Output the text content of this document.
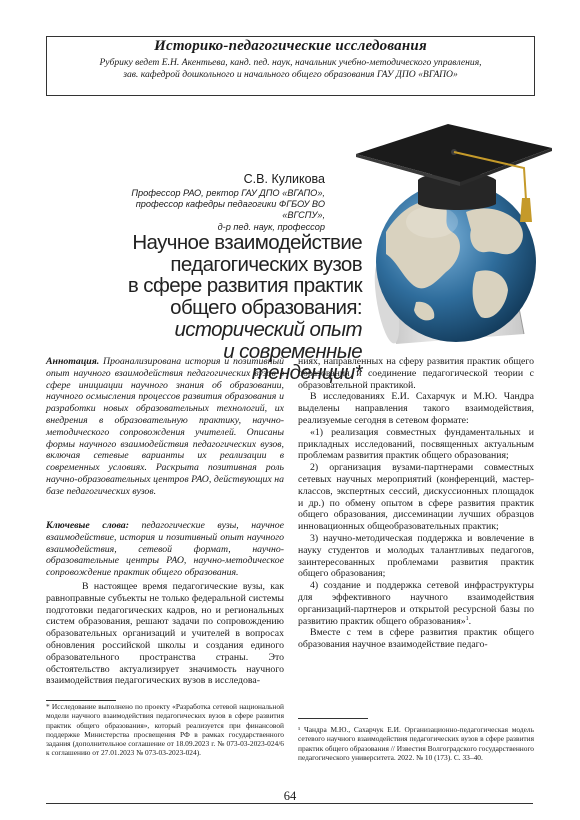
Историко-педагогические исследования
Рубрику ведет Е.Н. Акентьева, канд. пед. наук, начальник учебно-методического управления,
зав. кафедрой дошкольного и начального общего образования ГАУ ДПО «ВГАПО»
С.В. Куликова
Профессор РАО, ректор ГАУ ДПО «ВГАПО»,
профессор кафедры педагогики ФГБОУ ВО «ВГСПУ»,
д-р пед. наук, профессор
Научное взаимодействие
педагогических вузов
в сфере развития практик
общего образования:
исторический опыт
и современные тенденции*
Аннотация. Проанализирована история и позитивный опыт научного взаимодействия педагогических вузов в сфере инициации научного знания об образовании, научного осмысления процессов развития образования и разработки новых образовательных технологий, их внедрения в образовательную практику, научно-методического сопровождения учителей. Описаны формы научного взаимодействия педагогических вузов, включая сетевые варианты их реализации в современных условиях. Раскрыта позитивная роль научно-образовательных центров РАО, действующих на базе педагогических вузов.
Ключевые слова: педагогические вузы, научное взаимодействие, история и позитивный опыт научного взаимодействия, сетевой формат, научно-образовательные центры РАО, научно-методическое сопровождение практик общего образования.
В настоящее время педагогические вузы, как равноправные субъекты не только федеральной системы подготовки педагогических кадров, но и региональных систем образования, решают задачи по сопровождению образовательных организаций и учителей в вопросах обновления российской школы и создания единого образовательного пространства страны. Это обстоятельство актуализирует значимость научного взаимодействия педагогических вузов в исследова-
* Исследование выполнено по проекту «Разработка сетевой национальной модели научного взаимодействия педагогических вузов в сфере развития практик общего образования», который реализуется при финансовой поддержке Министерства просвещения РФ в рамках государственного задания (дополнительное соглашение от 18.09.2023 г. № 073-03-2023-024/6 к соглашению от 27.01.2023 № 073-03-2023-024).

ниях, направленных на сферу развития практик общего образования и соединение педагогической теории с образовательной практикой.

В исследованиях Е.И. Сахарчук и М.Ю. Чандра выделены направления такого взаимодействия, реализуемые сегодня в сетевом формате:

«1) реализация совместных фундаментальных и прикладных исследований, посвященных актуальным проблемам развития практик общего образования;

2) организация вузами-партнерами совместных сетевых научных мероприятий (конференций, мастер-классов, экспертных сессий, дискуссионных площадок и др.) по обмену опытом в сфере развития практик общего образования, диссеминации лучших образцов инновационных общеобразовательных практик;

3) научно-методическая поддержка и вовлечение в науку студентов и молодых талантливых педагогов, заинтересованных проблемами развития практик общего образования;

4) создание и поддержка сетевой инфраструктуры для эффективного научного взаимодействия организаций-партнеров и открытой ресурсной базы по развитию практик общего образования»$^1$.

Вместе с тем в сфере развития практик общего образования научное взаимодействие педаго-

¹ Чандра М.Ю., Сахарчук Е.И. Организационно-педагогическая модель сетевого научного взаимодействия педагогических вузов в сфере развития практик общего образования // Известия Волгоградского государственного педагогического университета. 2022. № 10 (173). С. 33–40.
64
